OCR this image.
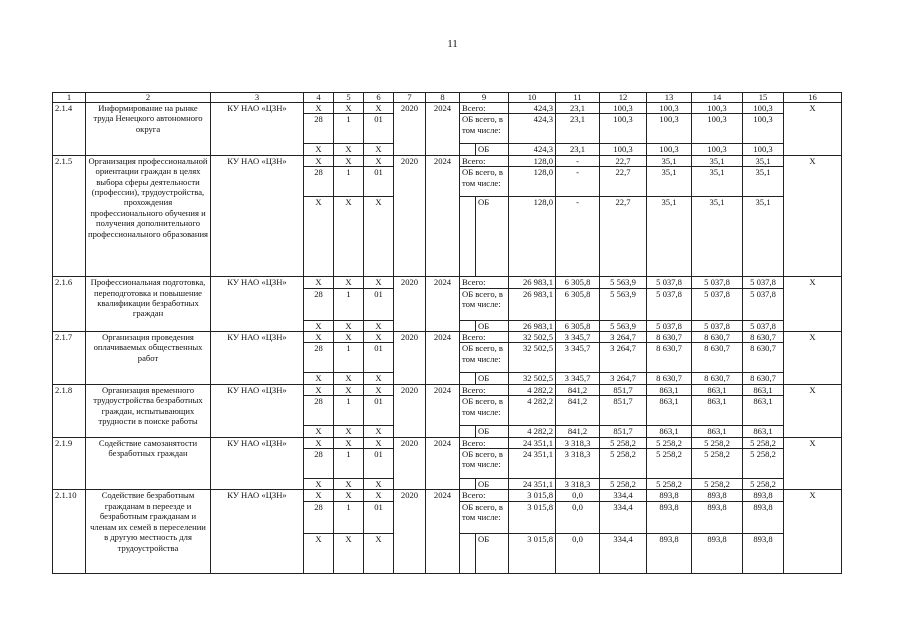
11
1	2	3	4	5	6	7	8	9		10	11	12	13	14	15	16
2.1.4	Информирование на рынке труда Ненецкого автономного округа	КУ НАО «ЦЗН»	Х	Х	Х	2020	2024	Всего:		424,3	23,1	100,3	100,3	100,3	100,3	Х
			28	1	01			ОБ всего, в том числе:		424,3	23,1	100,3	100,3	100,3	100,3	
			Х	Х	Х				ОБ	424,3	23,1	100,3	100,3	100,3	100,3	
2.1.5	Организация профессиональной ориентации граждан в целях выбора сферы деятельности (профессии), трудоустройства, прохождения профессионального обучения и получения дополнительного профессионального образования	КУ НАО «ЦЗН»	Х	Х	Х	2020	2024	Всего:		128,0	-	22,7	35,1	35,1	35,1	Х
			28	1	01			ОБ всего, в том числе:		128,0	-	22,7	35,1	35,1	35,1	
			Х	Х	Х				ОБ	128,0	-	22,7	35,1	35,1	35,1	
2.1.6	Профессиональная подготовка, переподготовка и повышение квалификации безработных граждан	КУ НАО «ЦЗН»	Х	Х	Х	2020	2024	Всего:		26 983,1	6 305,8	5 563,9	5 037,8	5 037,8	5 037,8	Х
			28	1	01			ОБ всего, в том числе:		26 983,1	6 305,8	5 563,9	5 037,8	5 037,8	5 037,8	
			Х	Х	Х				ОБ	26 983,1	6 305,8	5 563,9	5 037,8	5 037,8	5 037,8	
2.1.7	Организация проведения оплачиваемых общественных работ	КУ НАО «ЦЗН»	Х	Х	Х	2020	2024	Всего:		32 502,5	3 345,7	3 264,7	8 630,7	8 630,7	8 630,7	Х
			28	1	01			ОБ всего, в том числе:		32 502,5	3 345,7	3 264,7	8 630,7	8 630,7	8 630,7	
			Х	Х	Х				ОБ	32 502,5	3 345,7	3 264,7	8 630,7	8 630,7	8 630,7	
2.1.8	Организация временного трудоустройства безработных граждан, испытывающих трудности в поиске работы	КУ НАО «ЦЗН»	Х	Х	Х	2020	2024	Всего:		4 282,2	841,2	851,7	863,1	863,1	863,1	Х
			28	1	01			ОБ всего, в том числе:		4 282,2	841,2	851,7	863,1	863,1	863,1	
			Х	Х	Х				ОБ	4 282,2	841,2	851,7	863,1	863,1	863,1	
2.1.9	Содействие самозанятости безработных граждан	КУ НАО «ЦЗН»	Х	Х	Х	2020	2024	Всего:		24 351,1	3 318,3	5 258,2	5 258,2	5 258,2	5 258,2	Х
			28	1	01			ОБ всего, в том числе:		24 351,1	3 318,3	5 258,2	5 258,2	5 258,2	5 258,2	
			Х	Х	Х				ОБ	24 351,1	3 318,3	5 258,2	5 258,2	5 258,2	5 258,2	
2.1.10	Содействие безработным гражданам в переезде и безработным гражданам и членам их семей в переселении в другую местность для трудоустройства	КУ НАО «ЦЗН»	Х	Х	Х	2020	2024	Всего:		3 015,8	0,0	334,4	893,8	893,8	893,8	Х
			28	1	01			ОБ всего, в том числе:		3 015,8	0,0	334,4	893,8	893,8	893,8	
			Х	Х	Х				ОБ	3 015,8	0,0	334,4	893,8	893,8	893,8	
